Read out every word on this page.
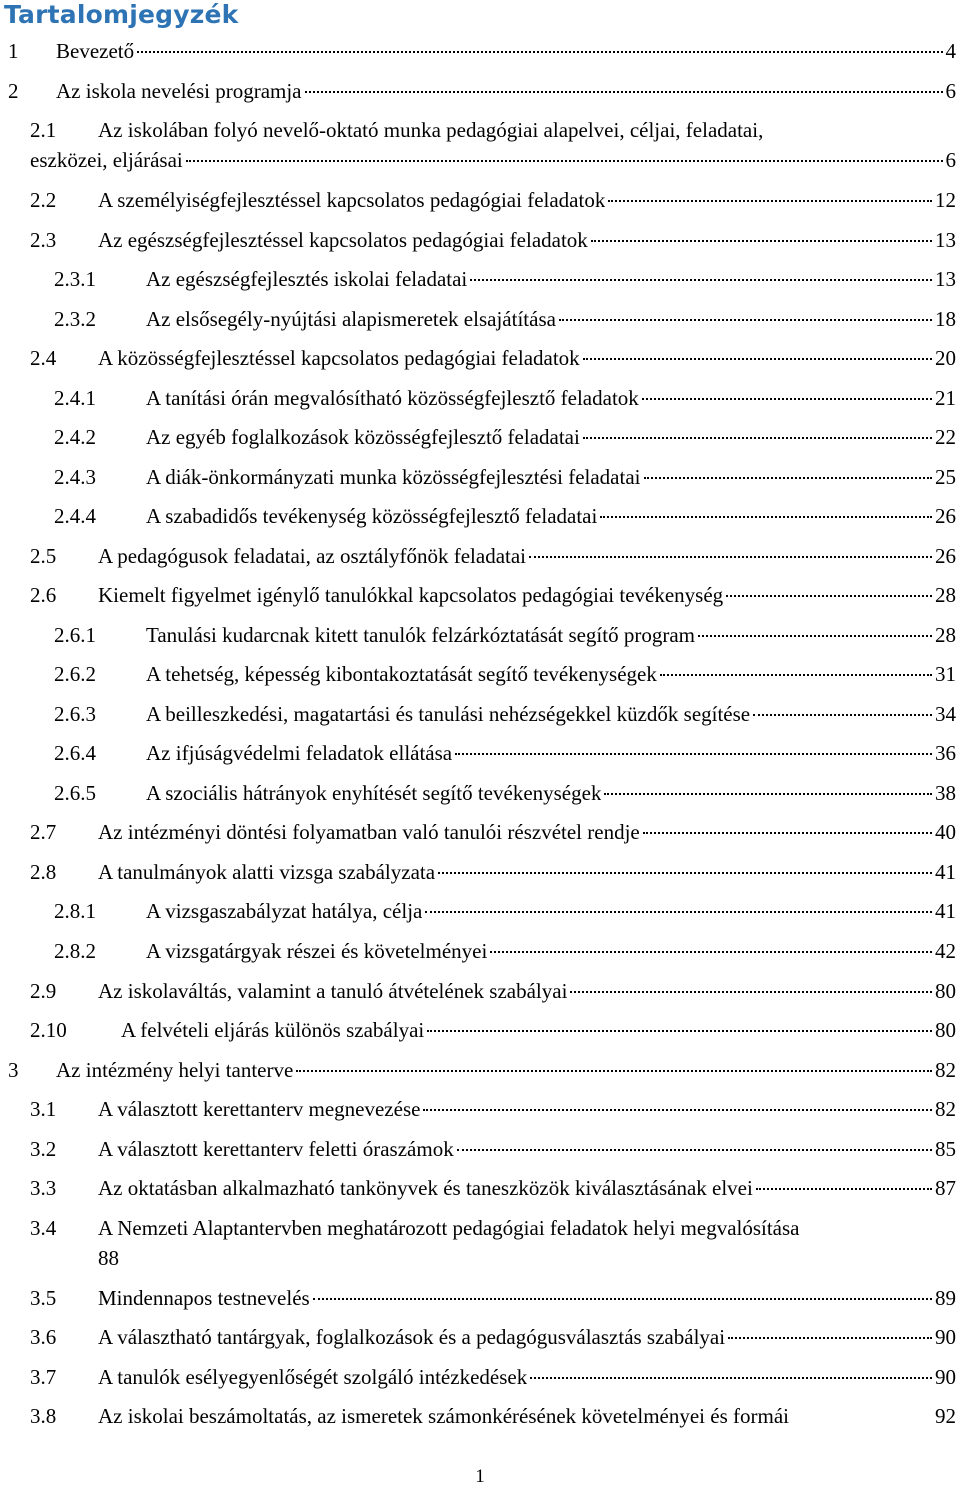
Tartalomjegyzék
1	Bevezető	4
2	Az iskola nevelési programja	6
2.1	Az iskolában folyó nevelő-oktató munka pedagógiai alapelvei, céljai, feladatai,
eszközei, eljárásai	6
2.2	A személyiségfejlesztéssel kapcsolatos pedagógiai feladatok	12
2.3	Az egészségfejlesztéssel kapcsolatos pedagógiai feladatok	13
2.3.1	Az egészségfejlesztés iskolai feladatai	13
2.3.2	Az elsősegély-nyújtási alapismeretek elsajátítása	18
2.4	A közösségfejlesztéssel kapcsolatos pedagógiai feladatok	20
2.4.1	A tanítási órán megvalósítható közösségfejlesztő feladatok	21
2.4.2	Az egyéb foglalkozások közösségfejlesztő feladatai	22
2.4.3	A diák-önkormányzati munka közösségfejlesztési feladatai	25
2.4.4	A szabadidős tevékenység közösségfejlesztő feladatai	26
2.5	A pedagógusok feladatai, az osztályfőnök feladatai	26
2.6	Kiemelt figyelmet igénylő tanulókkal kapcsolatos pedagógiai tevékenység	28
2.6.1	Tanulási kudarcnak kitett tanulók felzárkóztatását segítő program	28
2.6.2	A tehetség, képesség kibontakoztatását segítő tevékenységek	31
2.6.3	A beilleszkedési, magatartási és tanulási nehézségekkel küzdők segítése	34
2.6.4	Az ifjúságvédelmi feladatok ellátása	36
2.6.5	A szociális hátrányok enyhítését segítő tevékenységek	38
2.7	Az intézményi döntési folyamatban való tanulói részvétel rendje	40
2.8	A tanulmányok alatti vizsga szabályzata	41
2.8.1	A vizsgaszabályzat hatálya, célja	41
2.8.2	A vizsgatárgyak részei és követelményei	42
2.9	Az iskolaváltás, valamint a tanuló átvételének szabályai	80
2.10	A felvételi eljárás különös szabályai	80
3	Az intézmény helyi tanterve	82
3.1	A választott kerettanterv megnevezése	82
3.2	A választott kerettanterv feletti óraszámok	85
3.3	Az oktatásban alkalmazható tankönyvek és taneszközök kiválasztásának elvei	87
3.4	A Nemzeti Alaptantervben meghatározott pedagógiai feladatok helyi megvalósítása
88
3.5	Mindennapos testnevelés	89
3.6	A választható tantárgyak, foglalkozások és a pedagógusválasztás szabályai	90
3.7	A tanulók esélyegyenlőségét szolgáló intézkedések	90
3.8	Az iskolai beszámoltatás, az ismeretek számonkérésének követelményei és formái	92
1
